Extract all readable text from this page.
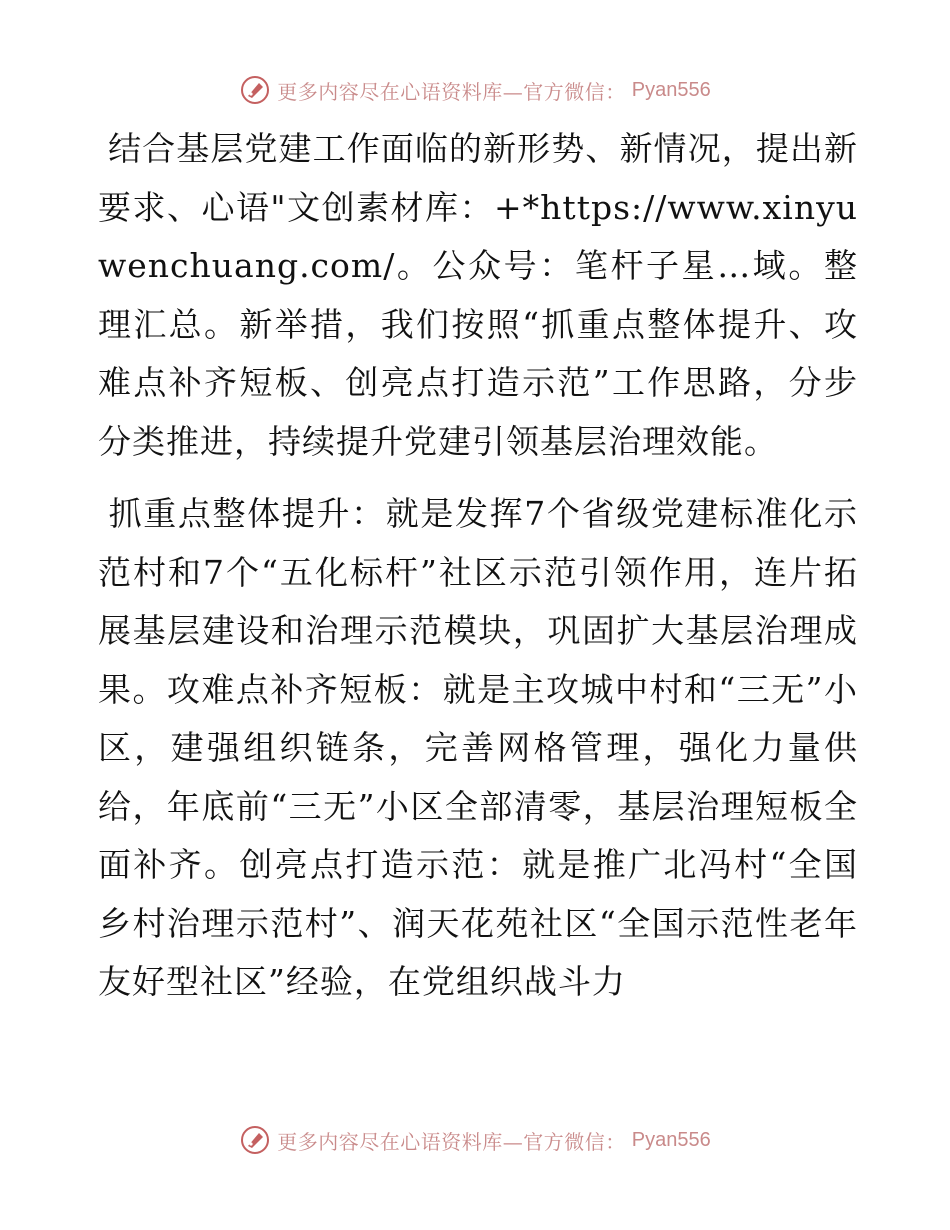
更多内容尽在心语资料库—官方微信： Pyan556

结合基层党建工作面临的新形势、新情况，提出新要求、心语"文创素材库：+*https://www.xinyuwenchuang.com/。公众号：笔杆子星…域。整理汇总。新举措，我们按照“抓重点整体提升、攻难点补齐短板、创亮点打造示范”工作思路，分步分类推进，持续提升党建引领基层治理效能。

抓重点整体提升：就是发挥7个省级党建标准化示范村和7个“五化标杆”社区示范引领作用，连片拓展基层建设和治理示范模块，巩固扩大基层治理成果。攻难点补齐短板：就是主攻城中村和“三无”小区，建强组织链条，完善网格管理，强化力量供给，年底前“三无”小区全部清零，基层治理短板全面补齐。创亮点打造示范：就是推广北冯村“全国乡村治理示范村”、润天花苑社区“全国示范性老年友好型社区”经验，在党组织战斗力

更多内容尽在心语资料库—官方微信： Pyan556
